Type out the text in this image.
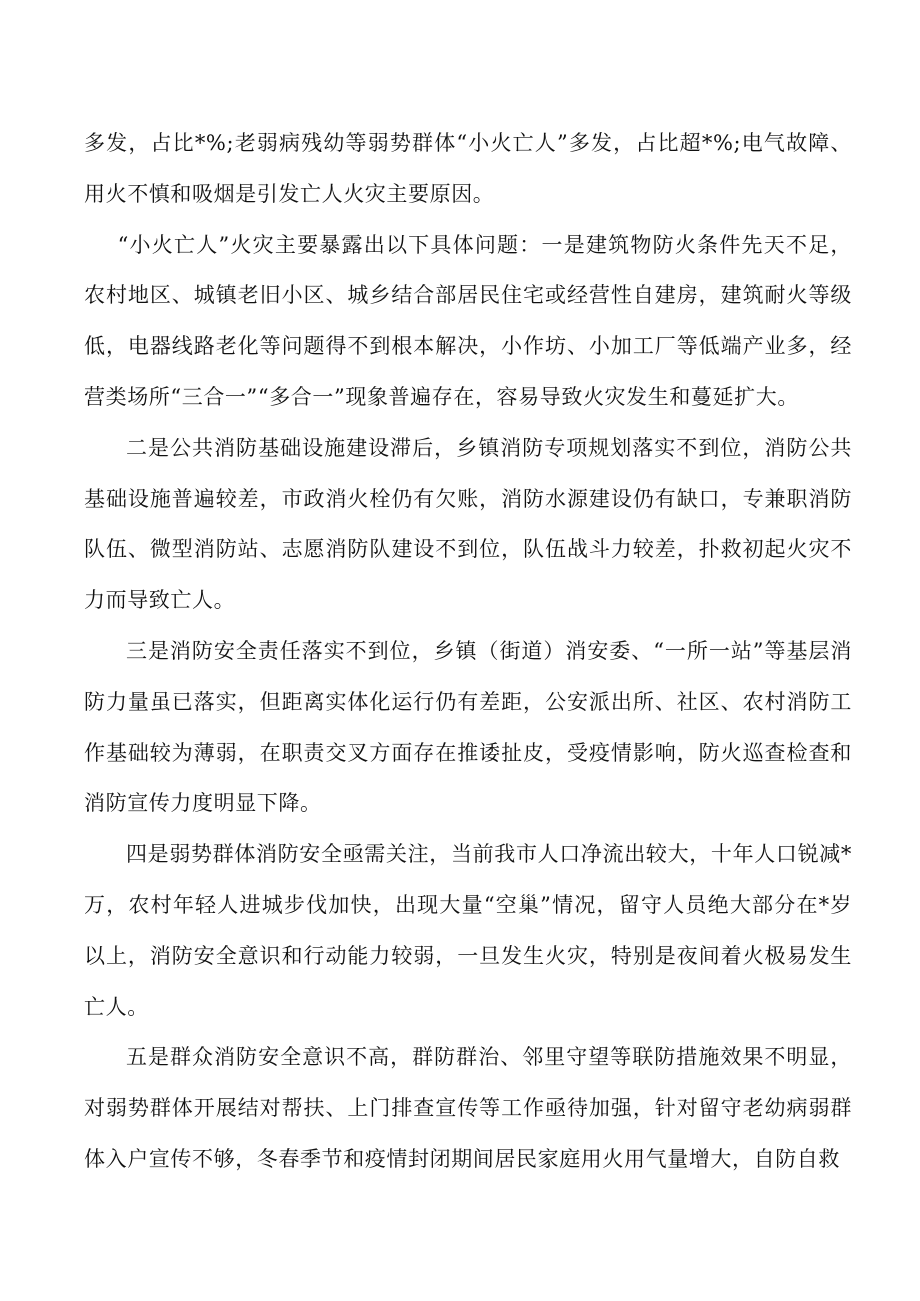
多发，占比*%;老弱病残幼等弱势群体“小火亡人”多发，占比超*%;电气故障、用火不慎和吸烟是引发亡人火灾主要原因。

“小火亡人”火灾主要暴露出以下具体问题：一是建筑物防火条件先天不足，农村地区、城镇老旧小区、城乡结合部居民住宅或经营性自建房，建筑耐火等级低，电器线路老化等问题得不到根本解决，小作坊、小加工厂等低端产业多，经营类场所“三合一”“多合一”现象普遍存在，容易导致火灾发生和蔓延扩大。

二是公共消防基础设施建设滞后，乡镇消防专项规划落实不到位，消防公共基础设施普遍较差，市政消火栓仍有欠账，消防水源建设仍有缺口，专兼职消防队伍、微型消防站、志愿消防队建设不到位，队伍战斗力较差，扑救初起火灾不力而导致亡人。

三是消防安全责任落实不到位，乡镇（街道）消安委、“一所一站”等基层消防力量虽已落实，但距离实体化运行仍有差距，公安派出所、社区、农村消防工作基础较为薄弱，在职责交叉方面存在推诿扯皮，受疫情影响，防火巡查检查和消防宣传力度明显下降。

四是弱势群体消防安全亟需关注，当前我市人口净流出较大，十年人口锐减*万，农村年轻人进城步伐加快，出现大量“空巢”情况，留守人员绝大部分在*岁以上，消防安全意识和行动能力较弱，一旦发生火灾，特别是夜间着火极易发生亡人。

五是群众消防安全意识不高，群防群治、邻里守望等联防措施效果不明显，对弱势群体开展结对帮扶、上门排查宣传等工作亟待加强，针对留守老幼病弱群体入户宣传不够，冬春季节和疫情封闭期间居民家庭用火用气量增大，自防自救
